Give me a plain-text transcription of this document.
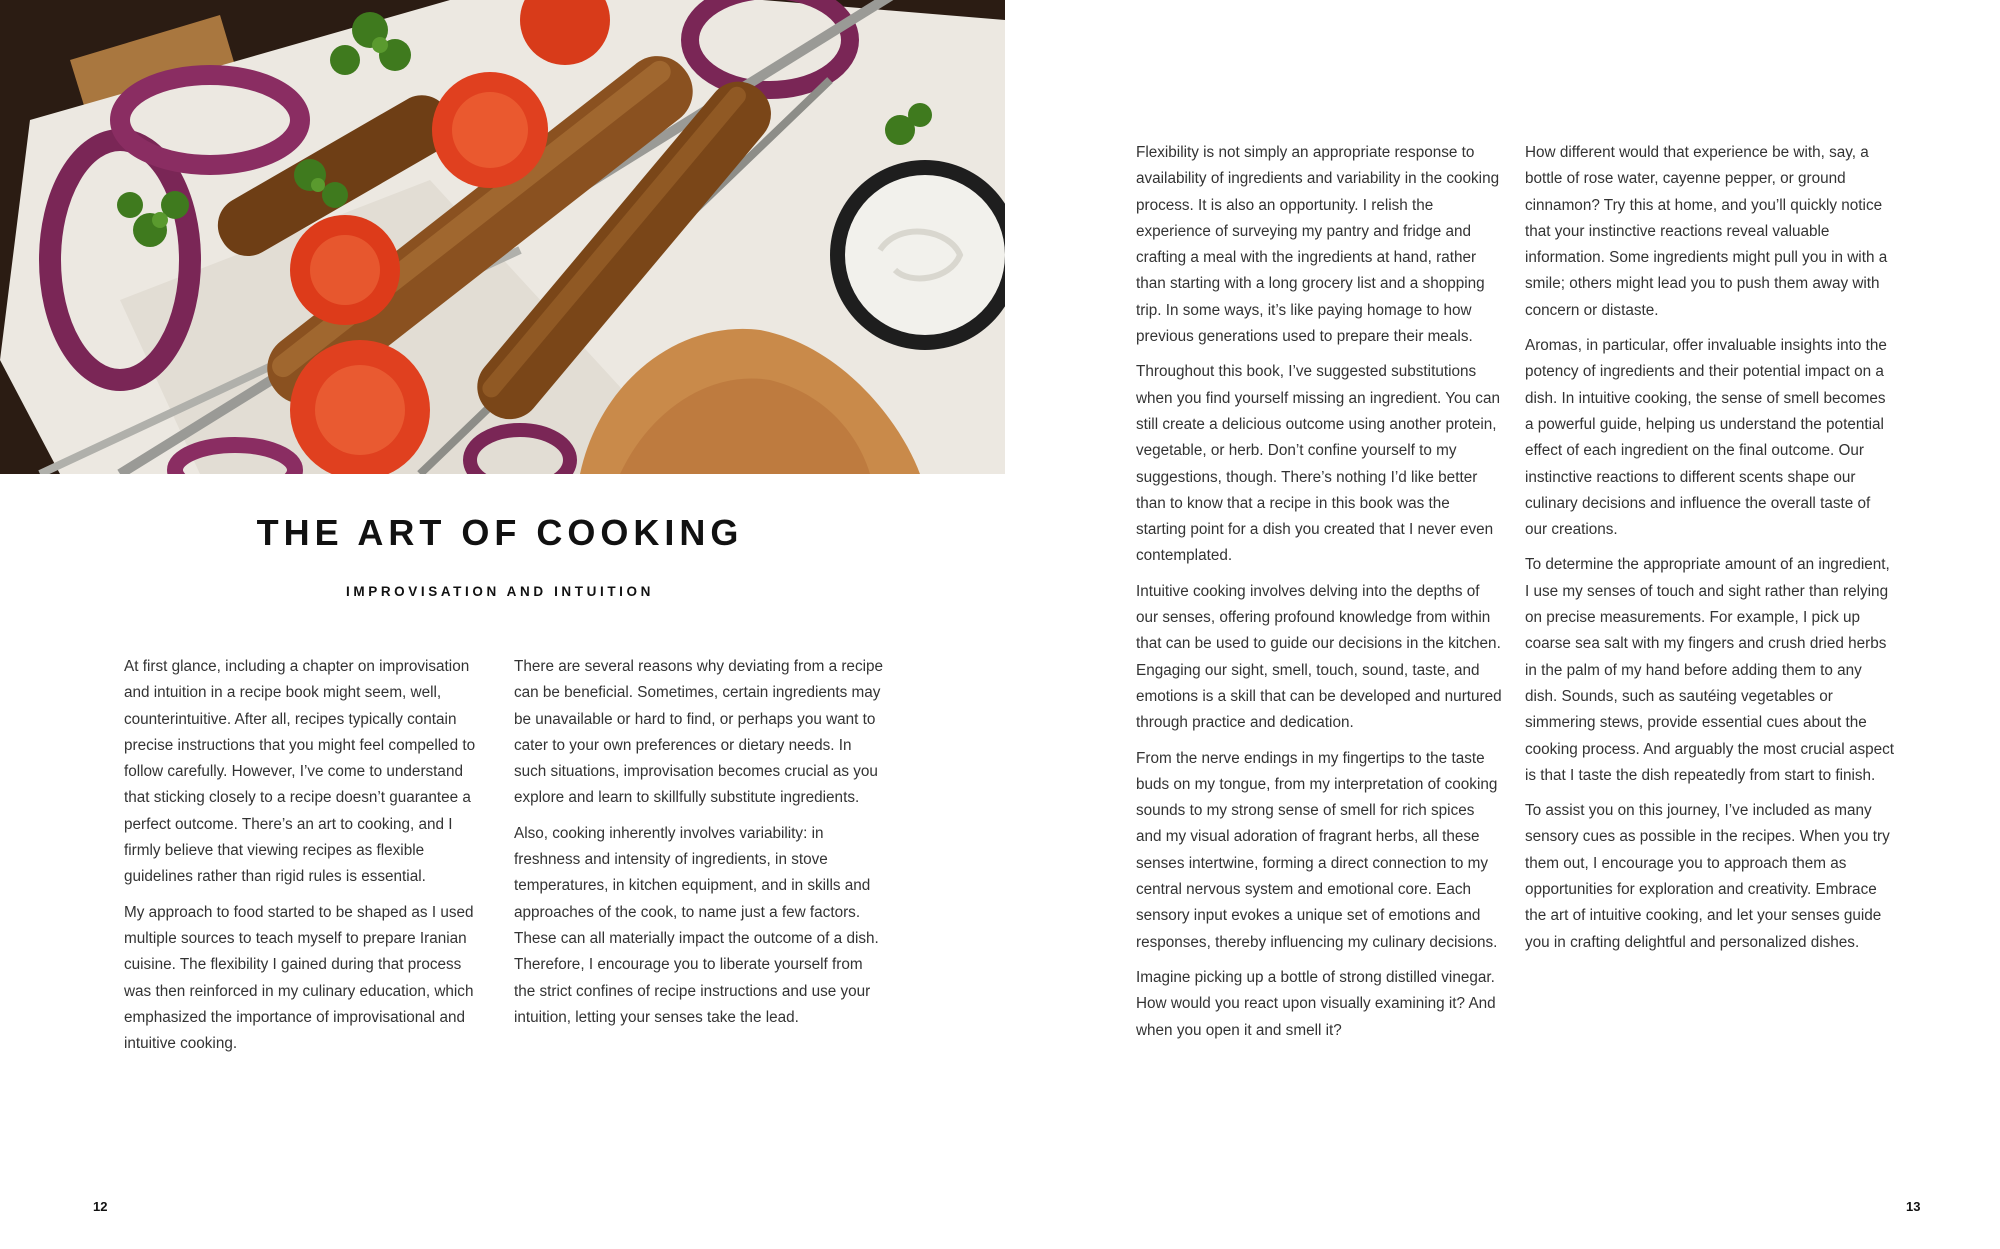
THE ART OF COOKING
IMPROVISATION AND INTUITION

At first glance, including a chapter on improvisation and intuition in a recipe book might seem, well, counterintuitive. After all, recipes typically contain precise instructions that you might feel compelled to follow carefully. However, I’ve come to understand that sticking closely to a recipe doesn’t guarantee a perfect outcome. There’s an art to cooking, and I firmly believe that viewing recipes as flexible guidelines rather than rigid rules is essential.

My approach to food started to be shaped as I used multiple sources to teach myself to prepare Iranian cuisine. The flexibility I gained during that process was then reinforced in my culinary education, which emphasized the importance of improvisational and intuitive cooking.

There are several reasons why deviating from a recipe can be beneficial. Sometimes, certain ingredients may be unavailable or hard to find, or perhaps you want to cater to your own preferences or dietary needs. In such situations, improvisation becomes crucial as you explore and learn to skillfully substitute ingredients.

Also, cooking inherently involves variability: in freshness and intensity of ingredients, in stove temperatures, in kitchen equipment, and in skills and approaches of the cook, to name just a few factors. These can all materially impact the outcome of a dish. Therefore, I encourage you to liberate yourself from the strict confines of recipe instructions and use your intuition, letting your senses take the lead.

12

Flexibility is not simply an appropriate response to availability of ingredients and variability in the cooking process. It is also an opportunity. I relish the experience of surveying my pantry and fridge and crafting a meal with the ingredients at hand, rather than starting with a long grocery list and a shopping trip. In some ways, it’s like paying homage to how previous generations used to prepare their meals.

Throughout this book, I’ve suggested substitutions when you find yourself missing an ingredient. You can still create a delicious outcome using another protein, vegetable, or herb. Don’t confine yourself to my suggestions, though. There’s nothing I’d like better than to know that a recipe in this book was the starting point for a dish you created that I never even contemplated.

Intuitive cooking involves delving into the depths of our senses, offering profound knowledge from within that can be used to guide our decisions in the kitchen. Engaging our sight, smell, touch, sound, taste, and emotions is a skill that can be developed and nurtured through practice and dedication.

From the nerve endings in my fingertips to the taste buds on my tongue, from my interpretation of cooking sounds to my strong sense of smell for rich spices and my visual adoration of fragrant herbs, all these senses intertwine, forming a direct connection to my central nervous system and emotional core. Each sensory input evokes a unique set of emotions and responses, thereby influencing my culinary decisions.

Imagine picking up a bottle of strong distilled vinegar. How would you react upon visually examining it? And when you open it and smell it?

How different would that experience be with, say, a bottle of rose water, cayenne pepper, or ground cinnamon? Try this at home, and you’ll quickly notice that your instinctive reactions reveal valuable information. Some ingredients might pull you in with a smile; others might lead you to push them away with concern or distaste.

Aromas, in particular, offer invaluable insights into the potency of ingredients and their potential impact on a dish. In intuitive cooking, the sense of smell becomes a powerful guide, helping us understand the potential effect of each ingredient on the final outcome. Our instinctive reactions to different scents shape our culinary decisions and influence the overall taste of our creations.

To determine the appropriate amount of an ingredient, I use my senses of touch and sight rather than relying on precise measurements. For example, I pick up coarse sea salt with my fingers and crush dried herbs in the palm of my hand before adding them to any dish. Sounds, such as sautéing vegetables or simmering stews, provide essential cues about the cooking process. And arguably the most crucial aspect is that I taste the dish repeatedly from start to finish.

To assist you on this journey, I’ve included as many sensory cues as possible in the recipes. When you try them out, I encourage you to approach them as opportunities for exploration and creativity. Embrace the art of intuitive cooking, and let your senses guide you in crafting delightful and personalized dishes.

13
